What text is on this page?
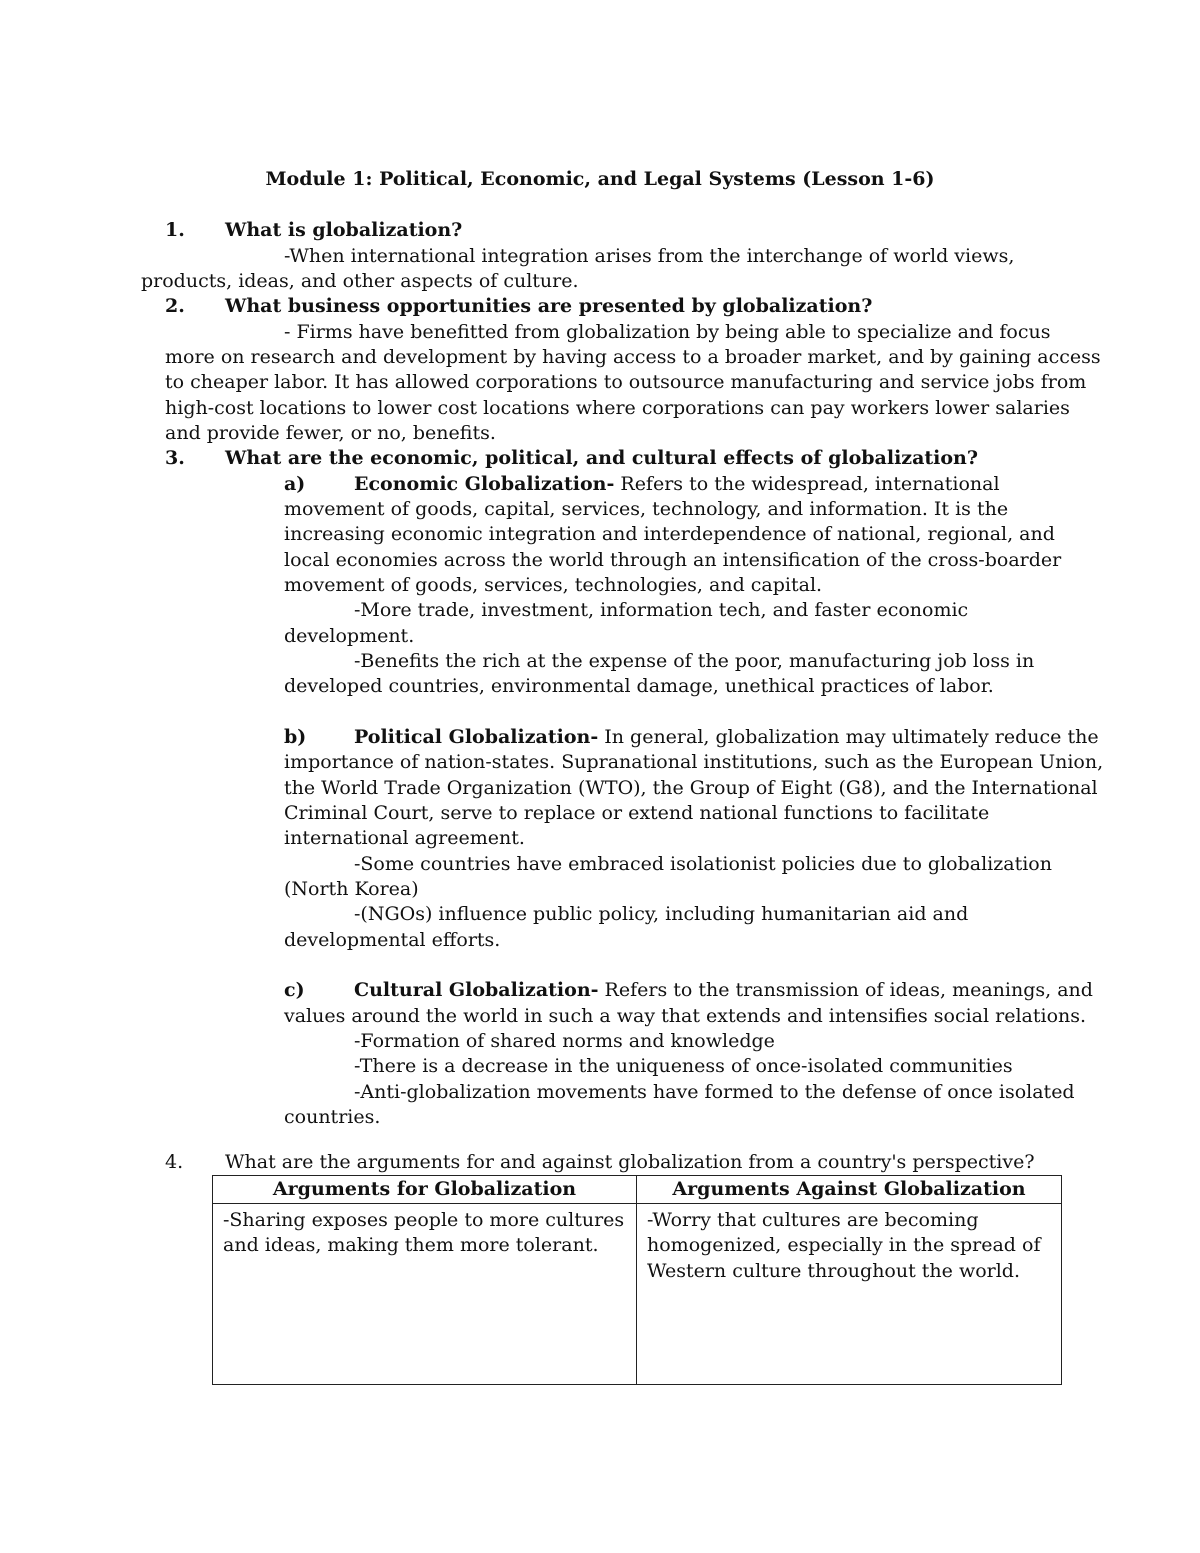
Module 1: Political, Economic, and Legal Systems (Lesson 1-6)
1. What is globalization?
-When international integration arises from the interchange of world views,
products, ideas, and other aspects of culture.
2. What business opportunities are presented by globalization?
- Firms have benefitted from globalization by being able to specialize and focus
more on research and development by having access to a broader market, and by gaining access
to cheaper labor. It has allowed corporations to outsource manufacturing and service jobs from
high-cost locations to lower cost locations where corporations can pay workers lower salaries
and provide fewer, or no, benefits.
3. What are the economic, political, and cultural effects of globalization?
a)	Economic Globalization- Refers to the widespread, international
movement of goods, capital, services, technology, and information. It is the
increasing economic integration and interdependence of national, regional, and
local economies across the world through an intensification of the cross-boarder
movement of goods, services, technologies, and capital.
-More trade, investment, information tech, and faster economic
development.
-Benefits the rich at the expense of the poor, manufacturing job loss in
developed countries, environmental damage, unethical practices of labor.
b)	Political Globalization- In general, globalization may ultimately reduce the
importance of nation-states. Supranational institutions, such as the European Union,
the World Trade Organization (WTO), the Group of Eight (G8), and the International
Criminal Court, serve to replace or extend national functions to facilitate
international agreement.
-Some countries have embraced isolationist policies due to globalization
(North Korea)
-(NGOs) influence public policy, including humanitarian aid and
developmental efforts.
c)	Cultural Globalization- Refers to the transmission of ideas, meanings, and
values around the world in such a way that extends and intensifies social relations.
-Formation of shared norms and knowledge
-There is a decrease in the uniqueness of once-isolated communities
-Anti-globalization movements have formed to the defense of once isolated
countries.
4. What are the arguments for and against globalization from a country's perspective?
Arguments for Globalization	Arguments Against Globalization

-Sharing exposes people to more cultures
and ideas, making them more tolerant.	-Worry that cultures are becoming
homogenized, especially in the spread of
Western culture throughout the world.
